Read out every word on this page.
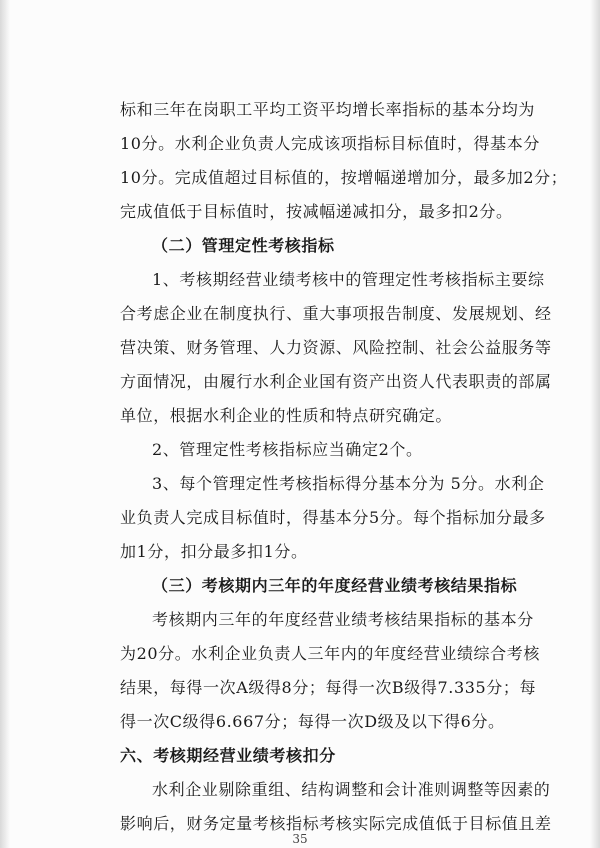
标和三年在岗职工平均工资平均增长率指标的基本分均为
10分。水利企业负责人完成该项指标目标值时，得基本分
10分。完成值超过目标值的，按增幅递增加分，最多加2分；
完成值低于目标值时，按减幅递减扣分，最多扣2分。
（二）管理定性考核指标
1、考核期经营业绩考核中的管理定性考核指标主要综
合考虑企业在制度执行、重大事项报告制度、发展规划、经
营决策、财务管理、人力资源、风险控制、社会公益服务等
方面情况，由履行水利企业国有资产出资人代表职责的部属
单位，根据水利企业的性质和特点研究确定。
2、管理定性考核指标应当确定2个。
3、每个管理定性考核指标得分基本分为 5分。水利企
业负责人完成目标值时，得基本分5分。每个指标加分最多
加1分，扣分最多扣1分。
（三）考核期内三年的年度经营业绩考核结果指标
考核期内三年的年度经营业绩考核结果指标的基本分
为20分。水利企业负责人三年内的年度经营业绩综合考核
结果，每得一次A级得8分；每得一次B级得7.335分；每
得一次C级得6.667分；每得一次D级及以下得6分。
六、考核期经营业绩考核扣分
水利企业剔除重组、结构调整和会计准则调整等因素的
影响后，财务定量考核指标考核实际完成值低于目标值且差
35
